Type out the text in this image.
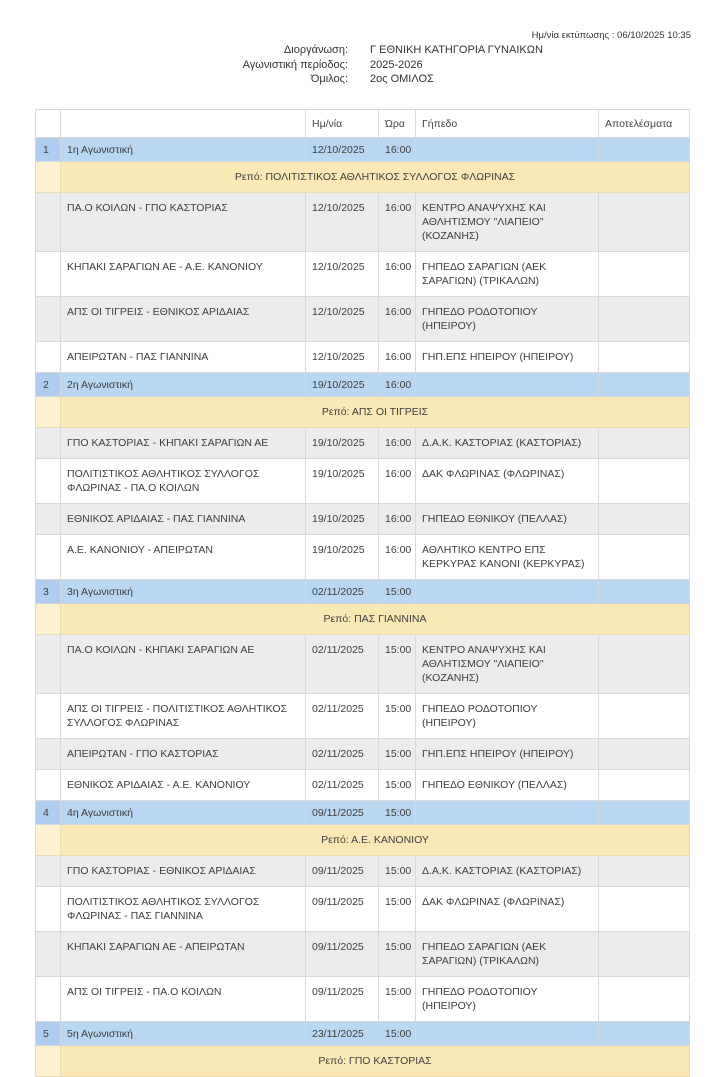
Ημ/νία εκτύπωσης : 06/10/2025 10:35
Διοργάνωση: Γ ΕΘΝΙΚΗ ΚΑΤΗΓΟΡΙΑ ΓΥΝΑΙΚΩΝ
Αγωνιστική περίοδος: 2025-2026
Όμιλος: 2ος ΟΜΙΛΟΣ
		Ημ/νία	Ώρα	Γήπεδο	Αποτελέσματα
1	1η Αγωνιστική	12/10/2025	16:00		
	Ρεπό: ΠΟΛΙΤΙΣΤΙΚΟΣ ΑΘΛΗΤΙΚΟΣ ΣΥΛΛΟΓΟΣ ΦΛΩΡΙΝΑΣ				
	ΠΑ.Ο ΚΟΙΛΩΝ - ΓΠΟ ΚΑΣΤΟΡΙΑΣ	12/10/2025	16:00	ΚΕΝΤΡΟ ΑΝΑΨΥΧΗΣ ΚΑΙ ΑΘΛΗΤΙΣΜΟΥ "ΛΙΑΠΕΙΟ" (ΚΟΖΑΝΗΣ)	
	ΚΗΠΑΚΙ ΣΑΡΑΓΙΩΝ ΑΕ - Α.Ε. ΚΑΝΟΝΙΟΥ	12/10/2025	16:00	ΓΗΠΕΔΟ ΣΑΡΑΓΙΩΝ (ΑΕΚ ΣΑΡΑΓΙΩΝ) (ΤΡΙΚΑΛΩΝ)	
	ΑΠΣ ΟΙ ΤΙΓΡΕΙΣ - ΕΘΝΙΚΟΣ ΑΡΙΔΑΙΑΣ	12/10/2025	16:00	ΓΗΠΕΔΟ ΡΟΔΟΤΟΠΙΟΥ (ΗΠΕΙΡΟΥ)	
	ΑΠΕΙΡΩΤΑΝ - ΠΑΣ ΓΙΑΝΝΙΝΑ	12/10/2025	16:00	ΓΗΠ.ΕΠΣ ΗΠΕΙΡΟΥ (ΗΠΕΙΡΟΥ)	
2	2η Αγωνιστική	19/10/2025	16:00		
	Ρεπό: ΑΠΣ ΟΙ ΤΙΓΡΕΙΣ				
	ΓΠΟ ΚΑΣΤΟΡΙΑΣ - ΚΗΠΑΚΙ ΣΑΡΑΓΙΩΝ ΑΕ	19/10/2025	16:00	Δ.Α.Κ. ΚΑΣΤΟΡΙΑΣ (ΚΑΣΤΟΡΙΑΣ)	
	ΠΟΛΙΤΙΣΤΙΚΟΣ ΑΘΛΗΤΙΚΟΣ ΣΥΛΛΟΓΟΣ ΦΛΩΡΙΝΑΣ - ΠΑ.Ο ΚΟΙΛΩΝ	19/10/2025	16:00	ΔΑΚ ΦΛΩΡΙΝΑΣ (ΦΛΩΡΙΝΑΣ)	
	ΕΘΝΙΚΟΣ ΑΡΙΔΑΙΑΣ - ΠΑΣ ΓΙΑΝΝΙΝΑ	19/10/2025	16:00	ΓΗΠΕΔΟ ΕΘΝΙΚΟΥ (ΠΕΛΛΑΣ)	
	Α.Ε. ΚΑΝΟΝΙΟΥ - ΑΠΕΙΡΩΤΑΝ	19/10/2025	16:00	ΑΘΛΗΤΙΚΟ ΚΕΝΤΡΟ ΕΠΣ ΚΕΡΚΥΡΑΣ ΚΑΝΟΝΙ (ΚΕΡΚΥΡΑΣ)	
3	3η Αγωνιστική	02/11/2025	15:00		
	Ρεπό: ΠΑΣ ΓΙΑΝΝΙΝΑ				
	ΠΑ.Ο ΚΟΙΛΩΝ - ΚΗΠΑΚΙ ΣΑΡΑΓΙΩΝ ΑΕ	02/11/2025	15:00	ΚΕΝΤΡΟ ΑΝΑΨΥΧΗΣ ΚΑΙ ΑΘΛΗΤΙΣΜΟΥ "ΛΙΑΠΕΙΟ" (ΚΟΖΑΝΗΣ)	
	ΑΠΣ ΟΙ ΤΙΓΡΕΙΣ - ΠΟΛΙΤΙΣΤΙΚΟΣ ΑΘΛΗΤΙΚΟΣ ΣΥΛΛΟΓΟΣ ΦΛΩΡΙΝΑΣ	02/11/2025	15:00	ΓΗΠΕΔΟ ΡΟΔΟΤΟΠΙΟΥ (ΗΠΕΙΡΟΥ)	
	ΑΠΕΙΡΩΤΑΝ - ΓΠΟ ΚΑΣΤΟΡΙΑΣ	02/11/2025	15:00	ΓΗΠ.ΕΠΣ ΗΠΕΙΡΟΥ (ΗΠΕΙΡΟΥ)	
	ΕΘΝΙΚΟΣ ΑΡΙΔΑΙΑΣ - Α.Ε. ΚΑΝΟΝΙΟΥ	02/11/2025	15:00	ΓΗΠΕΔΟ ΕΘΝΙΚΟΥ (ΠΕΛΛΑΣ)	
4	4η Αγωνιστική	09/11/2025	15:00		
	Ρεπό: Α.Ε. ΚΑΝΟΝΙΟΥ				
	ΓΠΟ ΚΑΣΤΟΡΙΑΣ - ΕΘΝΙΚΟΣ ΑΡΙΔΑΙΑΣ	09/11/2025	15:00	Δ.Α.Κ. ΚΑΣΤΟΡΙΑΣ (ΚΑΣΤΟΡΙΑΣ)	
	ΠΟΛΙΤΙΣΤΙΚΟΣ ΑΘΛΗΤΙΚΟΣ ΣΥΛΛΟΓΟΣ ΦΛΩΡΙΝΑΣ - ΠΑΣ ΓΙΑΝΝΙΝΑ	09/11/2025	15:00	ΔΑΚ ΦΛΩΡΙΝΑΣ (ΦΛΩΡΙΝΑΣ)	
	ΚΗΠΑΚΙ ΣΑΡΑΓΙΩΝ ΑΕ - ΑΠΕΙΡΩΤΑΝ	09/11/2025	15:00	ΓΗΠΕΔΟ ΣΑΡΑΓΙΩΝ (ΑΕΚ ΣΑΡΑΓΙΩΝ) (ΤΡΙΚΑΛΩΝ)	
	ΑΠΣ ΟΙ ΤΙΓΡΕΙΣ - ΠΑ.Ο ΚΟΙΛΩΝ	09/11/2025	15:00	ΓΗΠΕΔΟ ΡΟΔΟΤΟΠΙΟΥ (ΗΠΕΙΡΟΥ)	
5	5η Αγωνιστική	23/11/2025	15:00		
	Ρεπό: ΓΠΟ ΚΑΣΤΟΡΙΑΣ				
